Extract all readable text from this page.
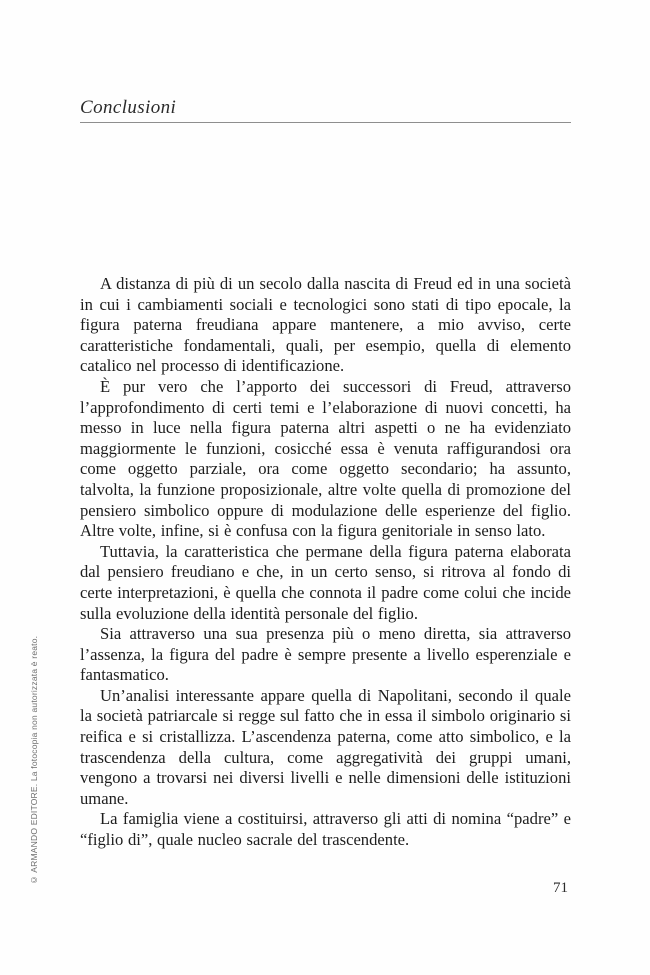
Conclusioni

A distanza di più di un secolo dalla nascita di Freud ed in una società in cui i cambiamenti sociali e tecnologici sono stati di tipo epocale, la figura paterna freudiana appare mantenere, a mio avviso, certe caratteristiche fondamentali, quali, per esempio, quella di elemento catalico nel processo di identificazione.

È pur vero che l’apporto dei successori di Freud, attraverso l’approfondimento di certi temi e l’elaborazione di nuovi concetti, ha messo in luce nella figura paterna altri aspetti o ne ha evidenziato maggiormente le funzioni, cosicché essa è venuta raffigurandosi ora come oggetto parziale, ora come oggetto secondario; ha assunto, talvolta, la funzione proposizionale, altre volte quella di promozione del pensiero simbolico oppure di modulazione delle esperienze del figlio. Altre volte, infine, si è confusa con la figura genitoriale in senso lato.

Tuttavia, la caratteristica che permane della figura paterna elaborata dal pensiero freudiano e che, in un certo senso, si ritrova al fondo di certe interpretazioni, è quella che connota il padre come colui che incide sulla evoluzione della identità personale del figlio.

Sia attraverso una sua presenza più o meno diretta, sia attraverso l’assenza, la figura del padre è sempre presente a livello esperenziale e fantasmatico.

Un’analisi interessante appare quella di Napolitani, secondo il quale la società patriarcale si regge sul fatto che in essa il simbolo originario si reifica e si cristallizza. L’ascendenza paterna, come atto simbolico, e la trascendenza della cultura, come aggregatività dei gruppi umani, vengono a trovarsi nei diversi livelli e nelle dimensioni delle istituzioni umane.

La famiglia viene a costituirsi, attraverso gli atti di nomina “padre” e “figlio di”, quale nucleo sacrale del trascendente.

© ARMANDO EDITORE. La fotocopia non autorizzata è reato.
71
